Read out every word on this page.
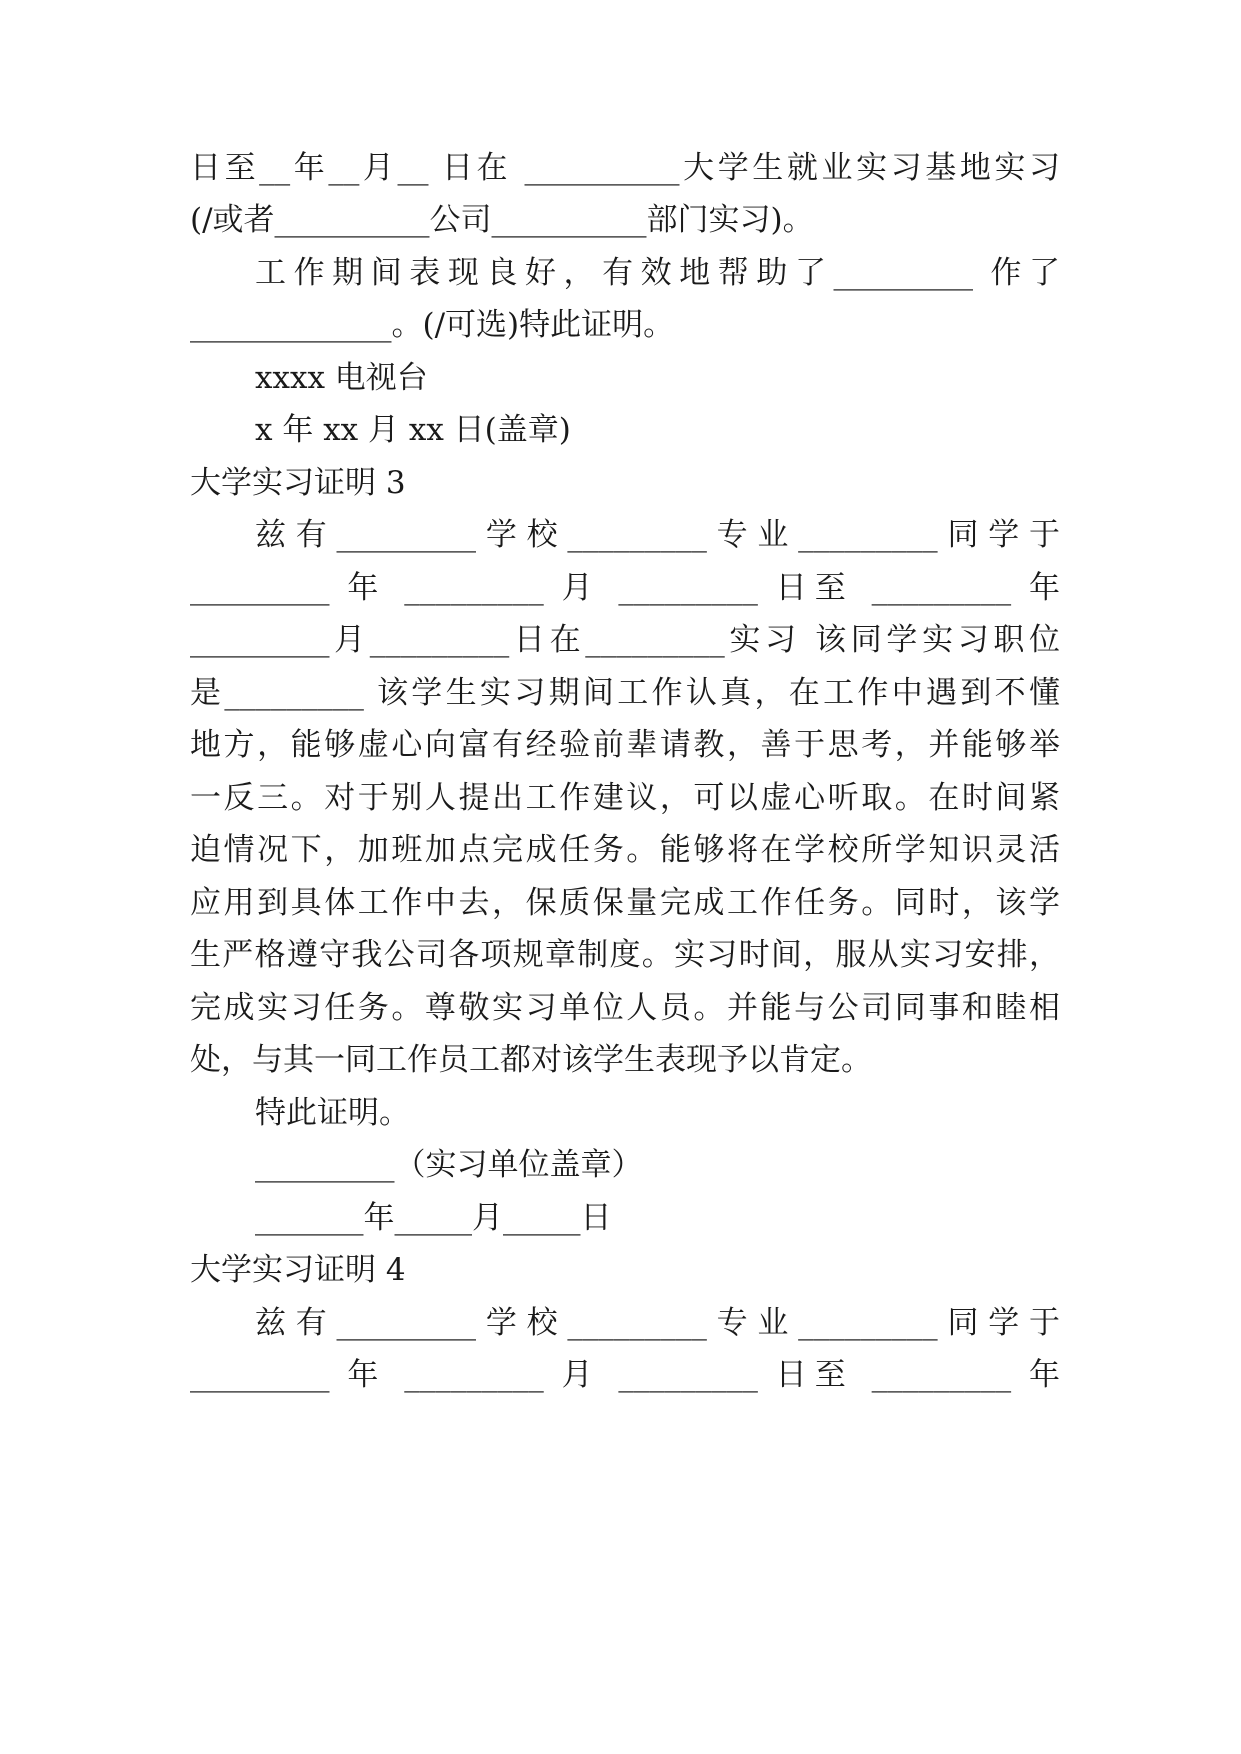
日至__年__月__ 日在 __________大学生就业实习基地实习
(/或者__________公司__________部门实习)。
工作期间表现良好，有效地帮助了_________ 作了
_____________。(/可选)特此证明。
xxxx 电视台
x 年 xx 月 xx 日(盖章)
大学实习证明 3
兹有_________学校_________专业_________同学于
_________ 年 _________ 月 _________ 日至 _________ 年
_________月_________日在_________实习 该同学实习职位
是_________ 该学生实习期间工作认真，在工作中遇到不懂
地方，能够虚心向富有经验前辈请教，善于思考，并能够举
一反三。对于别人提出工作建议，可以虚心听取。在时间紧
迫情况下，加班加点完成任务。能够将在学校所学知识灵活
应用到具体工作中去，保质保量完成工作任务。同时，该学
生严格遵守我公司各项规章制度。实习时间，服从实习安排，
完成实习任务。尊敬实习单位人员。并能与公司同事和睦相
处，与其一同工作员工都对该学生表现予以肯定。
特此证明。
_________（实习单位盖章）
_______年_____月_____日
大学实习证明 4
兹有_________学校_________专业_________同学于
_________ 年 _________ 月 _________ 日至 _________ 年
